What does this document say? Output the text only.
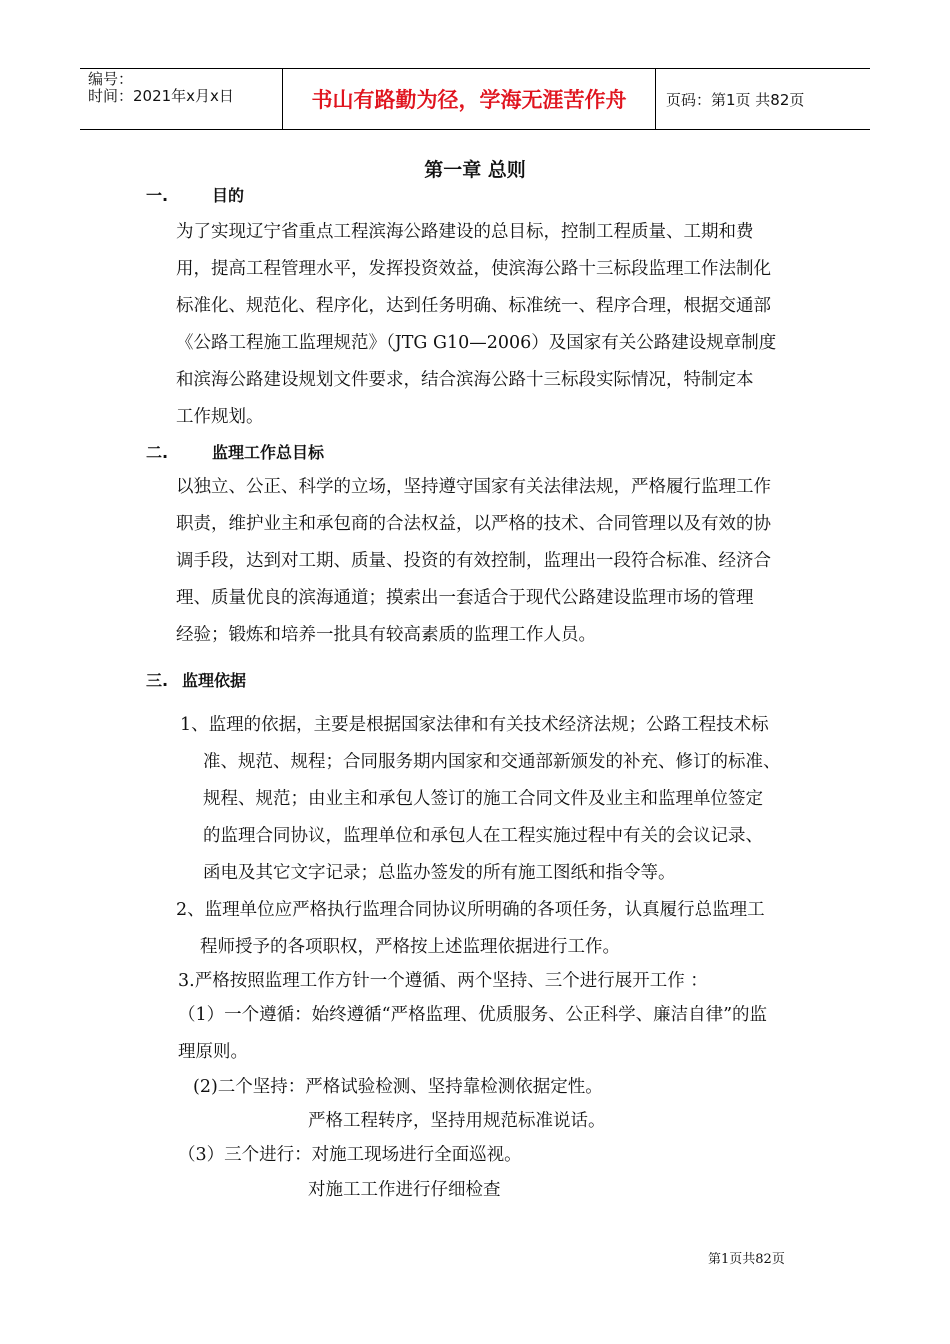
编号：
时间：2021年x月x日	书山有路勤为径，学海无涯苦作舟	页码：第1页 共82页
第一章 总则
一.	目的
为了实现辽宁省重点工程滨海公路建设的总目标，控制工程质量、工期和费
用，提高工程管理水平，发挥投资效益，使滨海公路十三标段监理工作法制化
标准化、规范化、程序化，达到任务明确、标准统一、程序合理，根据交通部
《公路工程施工监理规范》（JTG G10—2006）及国家有关公路建设规章制度
和滨海公路建设规划文件要求，结合滨海公路十三标段实际情况，特制定本
工作规划。
二.	监理工作总目标
以独立、公正、科学的立场，坚持遵守国家有关法律法规，严格履行监理工作
职责，维护业主和承包商的合法权益，以严格的技术、合同管理以及有效的协
调手段，达到对工期、质量、投资的有效控制，监理出一段符合标准、经济合
理、质量优良的滨海通道；摸索出一套适合于现代公路建设监理市场的管理
经验；锻炼和培养一批具有较高素质的监理工作人员。
三. 监理依据
1、监理的依据，主要是根据国家法律和有关技术经济法规；公路工程技术标
准、规范、规程；合同服务期内国家和交通部新颁发的补充、修订的标准、
规程、规范；由业主和承包人签订的施工合同文件及业主和监理单位签定
的监理合同协议，监理单位和承包人在工程实施过程中有关的会议记录、
函电及其它文字记录；总监办签发的所有施工图纸和指令等。
2、监理单位应严格执行监理合同协议所明确的各项任务，认真履行总监理工
程师授予的各项职权，严格按上述监理依据进行工作。
3.严格按照监理工作方针一个遵循、两个坚持、三个进行展开工作 ：
（1）一个遵循：始终遵循“严格监理、优质服务、公正科学、廉洁自律”的监
理原则。
(2)二个坚持：严格试验检测、坚持靠检测依据定性。
严格工程转序，坚持用规范标准说话。
（3）三个进行：对施工现场进行全面巡视。
对施工工作进行仔细检查
第1页共82页
